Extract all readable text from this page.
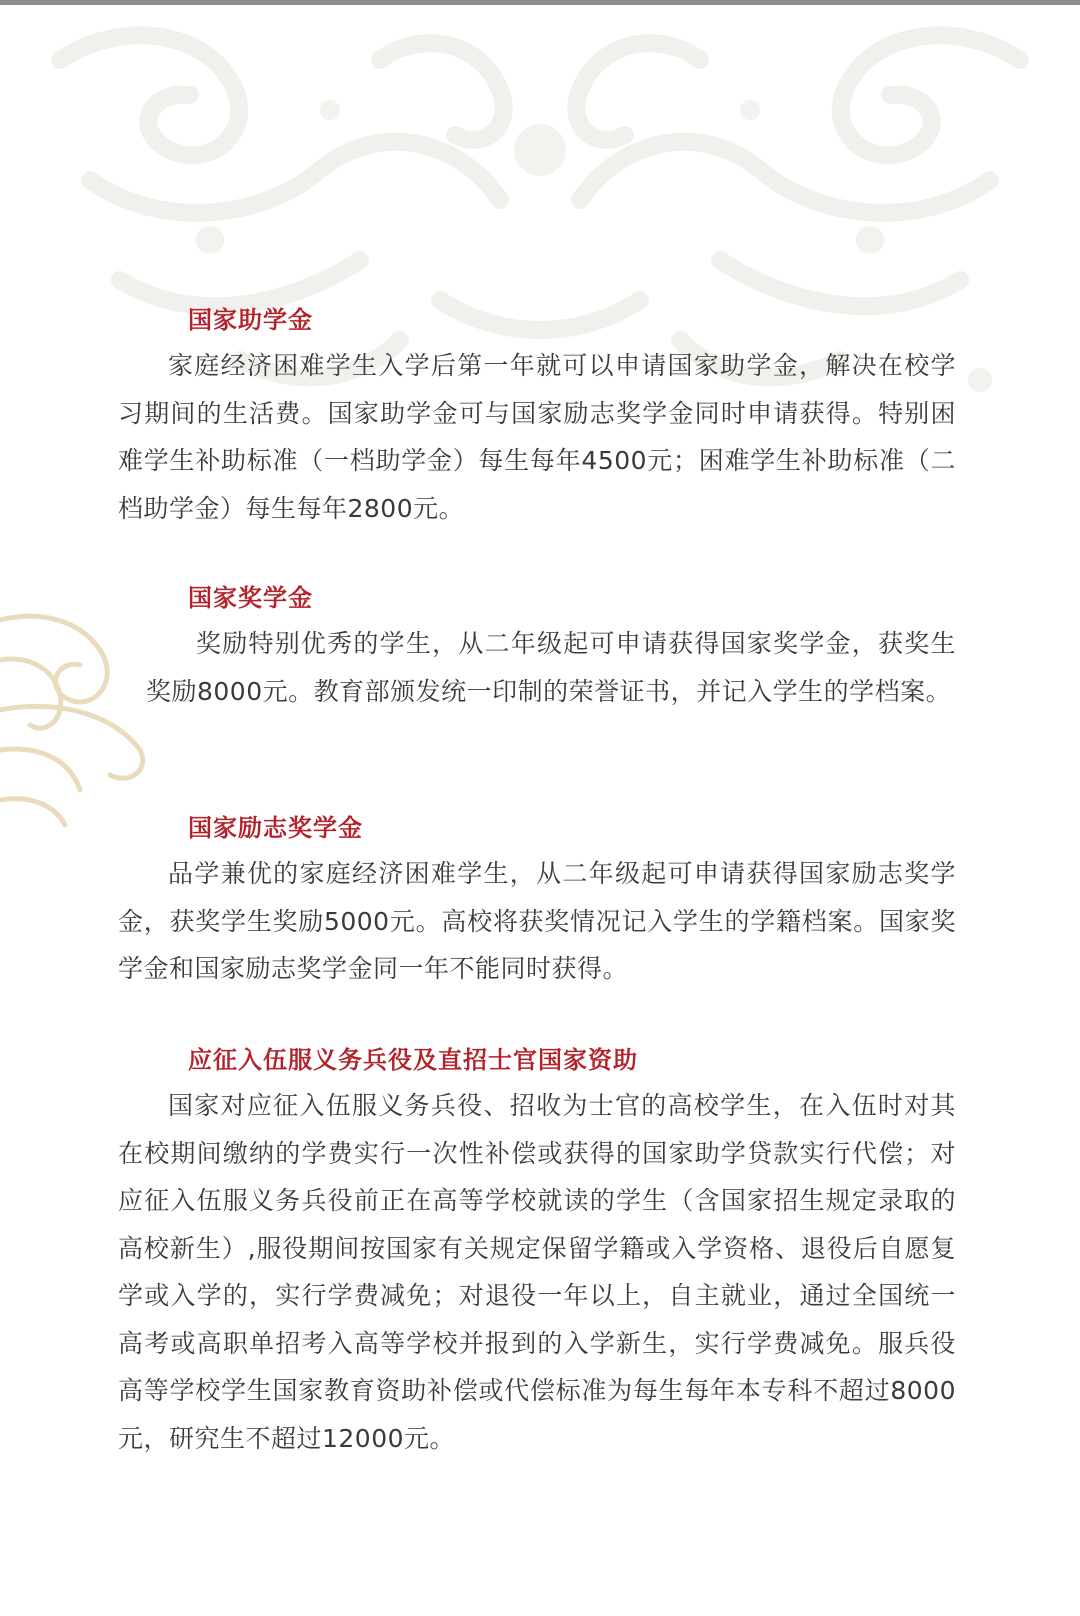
国家助学金

家庭经济困难学生入学后第一年就可以申请国家助学金，解决在校学习期间的生活费。国家助学金可与国家励志奖学金同时申请获得。特别困难学生补助标准（一档助学金）每生每年4500元；困难学生补助标准（二档助学金）每生每年2800元。

国家奖学金

奖励特别优秀的学生，从二年级起可申请获得国家奖学金，获奖生奖励8000元。教育部颁发统一印制的荣誉证书，并记入学生的学档案。

国家励志奖学金

品学兼优的家庭经济困难学生，从二年级起可申请获得国家励志奖学金，获奖学生奖励5000元。高校将获奖情况记入学生的学籍档案。国家奖学金和国家励志奖学金同一年不能同时获得。

应征入伍服义务兵役及直招士官国家资助

国家对应征入伍服义务兵役、招收为士官的高校学生，在入伍时对其在校期间缴纳的学费实行一次性补偿或获得的国家助学贷款实行代偿；对应征入伍服义务兵役前正在高等学校就读的学生（含国家招生规定录取的高校新生）,服役期间按国家有关规定保留学籍或入学资格、退役后自愿复学或入学的，实行学费减免；对退役一年以上，自主就业，通过全国统一高考或高职单招考入高等学校并报到的入学新生，实行学费减免。服兵役高等学校学生国家教育资助补偿或代偿标准为每生每年本专科不超过8000元，研究生不超过12000元。
